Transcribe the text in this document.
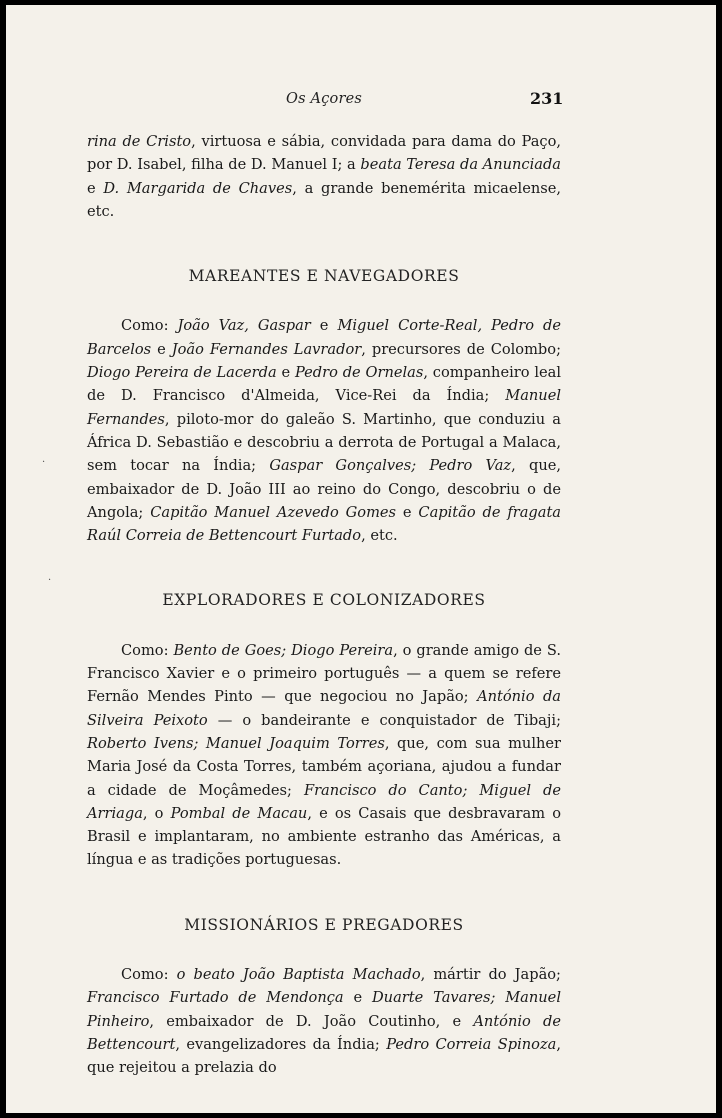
Os Açores	231

rina de Cristo, virtuosa e sábia, convidada para dama do Paço, por D. Isabel, filha de D. Manuel I; a beata Teresa da Anunciada e D. Margarida de Chaves, a grande benemérita micaelense, etc.

MAREANTES E NAVEGADORES

Como: João Vaz, Gaspar e Miguel Corte-Real, Pedro de Barcelos e João Fernandes Lavrador, precursores de Colombo; Diogo Pereira de Lacerda e Pedro de Ornelas, companheiro leal de D. Francisco d'Almeida, Vice-Rei da Índia; Manuel Fernandes, piloto-mor do galeão S. Martinho, que conduziu a África D. Sebastião e descobriu a derrota de Portugal a Malaca, sem tocar na Índia; Gaspar Gonçalves; Pedro Vaz, que, embaixador de D. João III ao reino do Congo, descobriu o de Angola; Capitão Manuel Azevedo Gomes e Capitão de fragata Raúl Correia de Bettencourt Furtado, etc.

EXPLORADORES E COLONIZADORES

Como: Bento de Goes; Diogo Pereira, o grande amigo de S. Francisco Xavier e o primeiro português — a quem se refere Fernão Mendes Pinto — que negociou no Japão; António da Silveira Peixoto — o bandeirante e conquistador de Tibaji; Roberto Ivens; Manuel Joaquim Torres, que, com sua mulher Maria José da Costa Torres, também açoriana, ajudou a fundar a cidade de Moçâmedes; Francisco do Canto; Miguel de Arriaga, o Pombal de Macau, e os Casais que desbravaram o Brasil e implantaram, no ambiente estranho das Américas, a língua e as tradições portuguesas.

MISSIONÁRIOS E PREGADORES

Como: o beato João Baptista Machado, mártir do Japão; Francisco Furtado de Mendonça e Duarte Tavares; Manuel Pinheiro, embaixador de D. João Coutinho, e António de Bettencourt, evangelizadores da Índia; Pedro Correia Spinoza, que rejeitou a prelazia do

·
·
